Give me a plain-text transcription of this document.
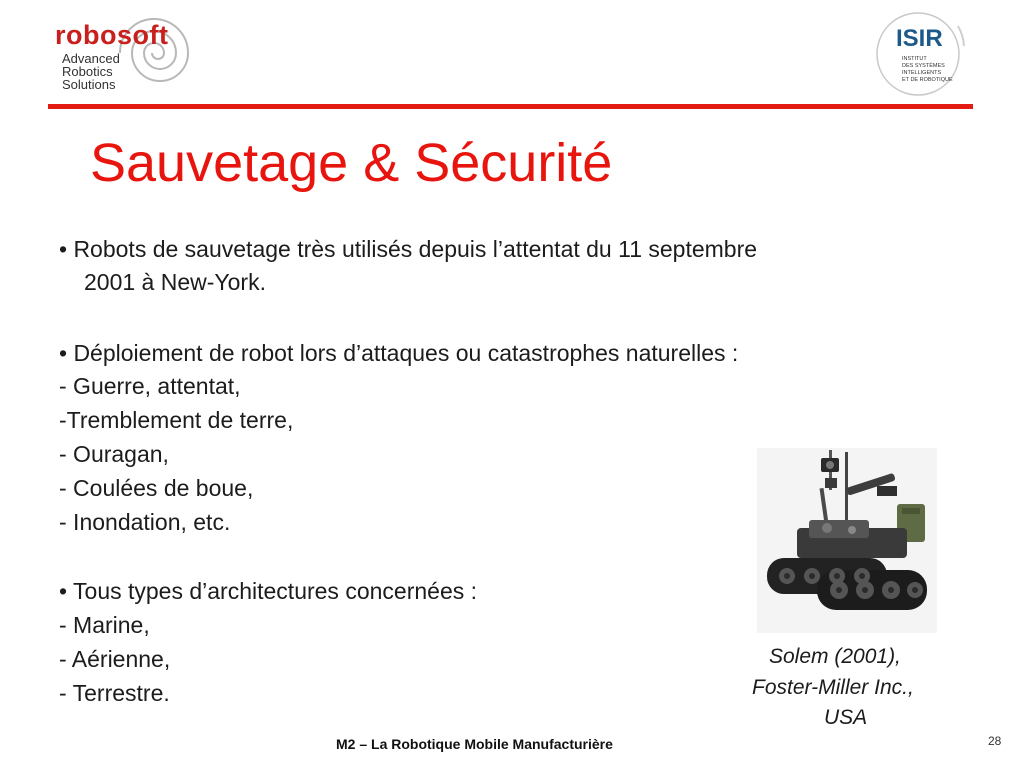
robosoft
Advanced
Robotics
Solutions
ISIR
INSTITUT
DES SYSTÈMES
INTELLIGENTS
ET DE ROBOTIQUE
Sauvetage & Sécurité
• Robots de sauvetage très utilisés depuis l’attentat du 11 septembre
2001 à New-York.
• Déploiement de robot lors d’attaques ou catastrophes naturelles :
- Guerre, attentat,
-Tremblement de terre,
- Ouragan,
- Coulées de boue,
- Inondation, etc.
• Tous types d’architectures concernées :
- Marine,
- Aérienne,
- Terrestre.
Solem (2001),
Foster-Miller Inc.,
USA
M2 – La Robotique Mobile Manufacturière	28
